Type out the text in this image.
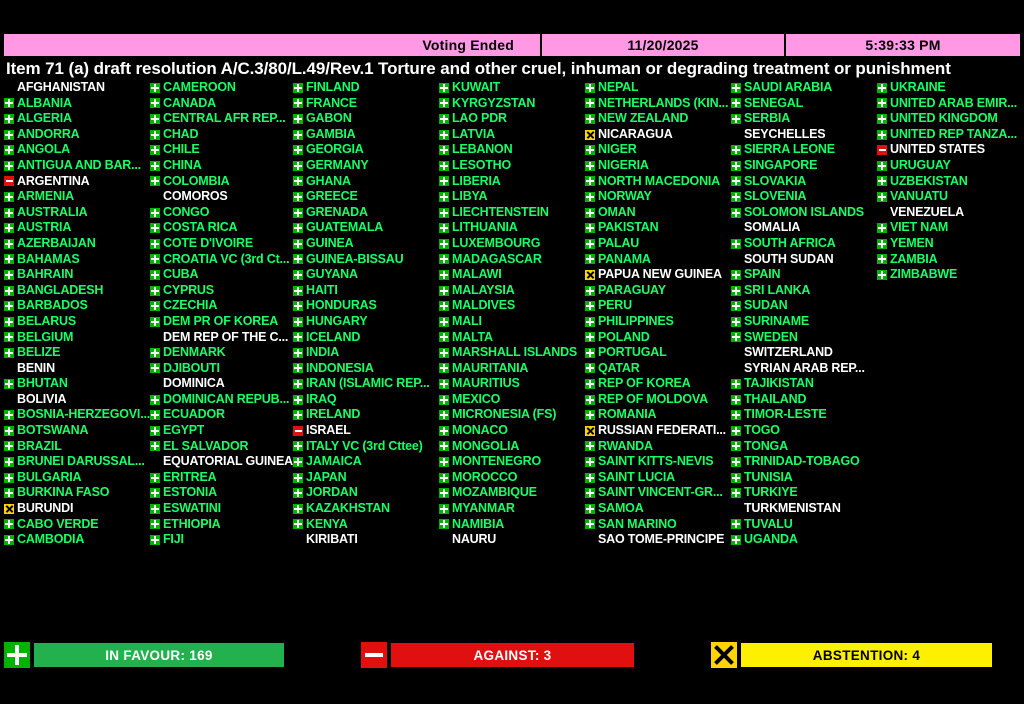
Voting Ended	11/20/2025	5:39:33 PM
Item 71 (a) draft resolution A/C.3/80/L.49/Rev.1 Torture and other cruel, inhuman or degrading treatment or punishment
AFGHANISTAN
ALBANIA
ALGERIA
ANDORRA
ANGOLA
ANTIGUA AND BAR...
ARGENTINA
ARMENIA
AUSTRALIA
AUSTRIA
AZERBAIJAN
BAHAMAS
BAHRAIN
BANGLADESH
BARBADOS
BELARUS
BELGIUM
BELIZE
BENIN
BHUTAN
BOLIVIA
BOSNIA-HERZEGOVI...
BOTSWANA
BRAZIL
BRUNEI DARUSSAL...
BULGARIA
BURKINA FASO
BURUNDI
CABO VERDE
CAMBODIA
CAMEROON
CANADA
CENTRAL AFR REP...
CHAD
CHILE
CHINA
COLOMBIA
COMOROS
CONGO
COSTA RICA
COTE D'IVOIRE
CROATIA VC (3rd Ct...
CUBA
CYPRUS
CZECHIA
DEM PR OF KOREA
DEM REP OF THE C...
DENMARK
DJIBOUTI
DOMINICA
DOMINICAN REPUB...
ECUADOR
EGYPT
EL SALVADOR
EQUATORIAL GUINEA
ERITREA
ESTONIA
ESWATINI
ETHIOPIA
FIJI
FINLAND
FRANCE
GABON
GAMBIA
GEORGIA
GERMANY
GHANA
GREECE
GRENADA
GUATEMALA
GUINEA
GUINEA-BISSAU
GUYANA
HAITI
HONDURAS
HUNGARY
ICELAND
INDIA
INDONESIA
IRAN (ISLAMIC REP...
IRAQ
IRELAND
ISRAEL
ITALY VC (3rd Cttee)
JAMAICA
JAPAN
JORDAN
KAZAKHSTAN
KENYA
KIRIBATI
KUWAIT
KYRGYZSTAN
LAO PDR
LATVIA
LEBANON
LESOTHO
LIBERIA
LIBYA
LIECHTENSTEIN
LITHUANIA
LUXEMBOURG
MADAGASCAR
MALAWI
MALAYSIA
MALDIVES
MALI
MALTA
MARSHALL ISLANDS
MAURITANIA
MAURITIUS
MEXICO
MICRONESIA (FS)
MONACO
MONGOLIA
MONTENEGRO
MOROCCO
MOZAMBIQUE
MYANMAR
NAMIBIA
NAURU
NEPAL
NETHERLANDS (KIN...
NEW ZEALAND
NICARAGUA
NIGER
NIGERIA
NORTH MACEDONIA
NORWAY
OMAN
PAKISTAN
PALAU
PANAMA
PAPUA NEW GUINEA
PARAGUAY
PERU
PHILIPPINES
POLAND
PORTUGAL
QATAR
REP OF KOREA
REP OF MOLDOVA
ROMANIA
RUSSIAN FEDERATI...
RWANDA
SAINT KITTS-NEVIS
SAINT LUCIA
SAINT VINCENT-GR...
SAMOA
SAN MARINO
SAO TOME-PRINCIPE
SAUDI ARABIA
SENEGAL
SERBIA
SEYCHELLES
SIERRA LEONE
SINGAPORE
SLOVAKIA
SLOVENIA
SOLOMON ISLANDS
SOMALIA
SOUTH AFRICA
SOUTH SUDAN
SPAIN
SRI LANKA
SUDAN
SURINAME
SWEDEN
SWITZERLAND
SYRIAN ARAB REP...
TAJIKISTAN
THAILAND
TIMOR-LESTE
TOGO
TONGA
TRINIDAD-TOBAGO
TUNISIA
TURKIYE
TURKMENISTAN
TUVALU
UGANDA
UKRAINE
UNITED ARAB EMIR...
UNITED KINGDOM
UNITED REP TANZA...
UNITED STATES
URUGUAY
UZBEKISTAN
VANUATU
VENEZUELA
VIET NAM
YEMEN
ZAMBIA
ZIMBABWE
IN FAVOUR: 169	AGAINST: 3	ABSTENTION: 4
